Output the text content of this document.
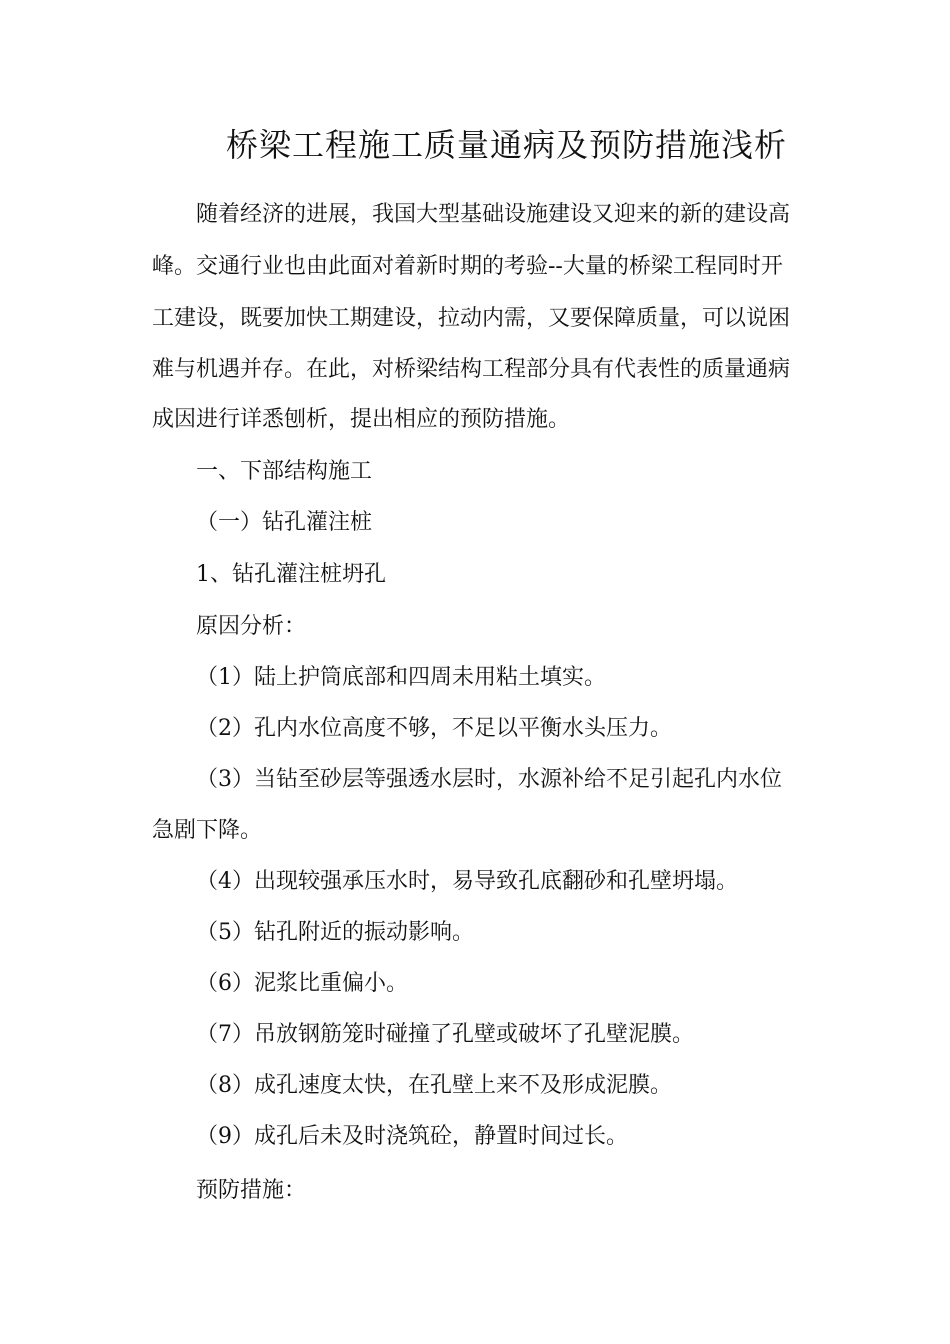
桥梁工程施工质量通病及预防措施浅析

随着经济的进展，我国大型基础设施建设又迎来的新的建设高

峰。交通行业也由此面对着新时期的考验--大量的桥梁工程同时开

工建设，既要加快工期建设，拉动内需，又要保障质量，可以说困

难与机遇并存。在此，对桥梁结构工程部分具有代表性的质量通病

成因进行详悉刨析，提出相应的预防措施。

一、下部结构施工

（一）钻孔灌注桩

1、钻孔灌注桩坍孔

原因分析：

（1）陆上护筒底部和四周未用粘土填实。

（2）孔内水位高度不够，不足以平衡水头压力。

（3）当钻至砂层等强透水层时，水源补给不足引起孔内水位

急剧下降。

（4）出现较强承压水时，易导致孔底翻砂和孔壁坍塌。

（5）钻孔附近的振动影响。

（6）泥浆比重偏小。

（7）吊放钢筋笼时碰撞了孔壁或破坏了孔壁泥膜。

（8）成孔速度太快，在孔壁上来不及形成泥膜。

（9）成孔后未及时浇筑砼，静置时间过长。

预防措施：
